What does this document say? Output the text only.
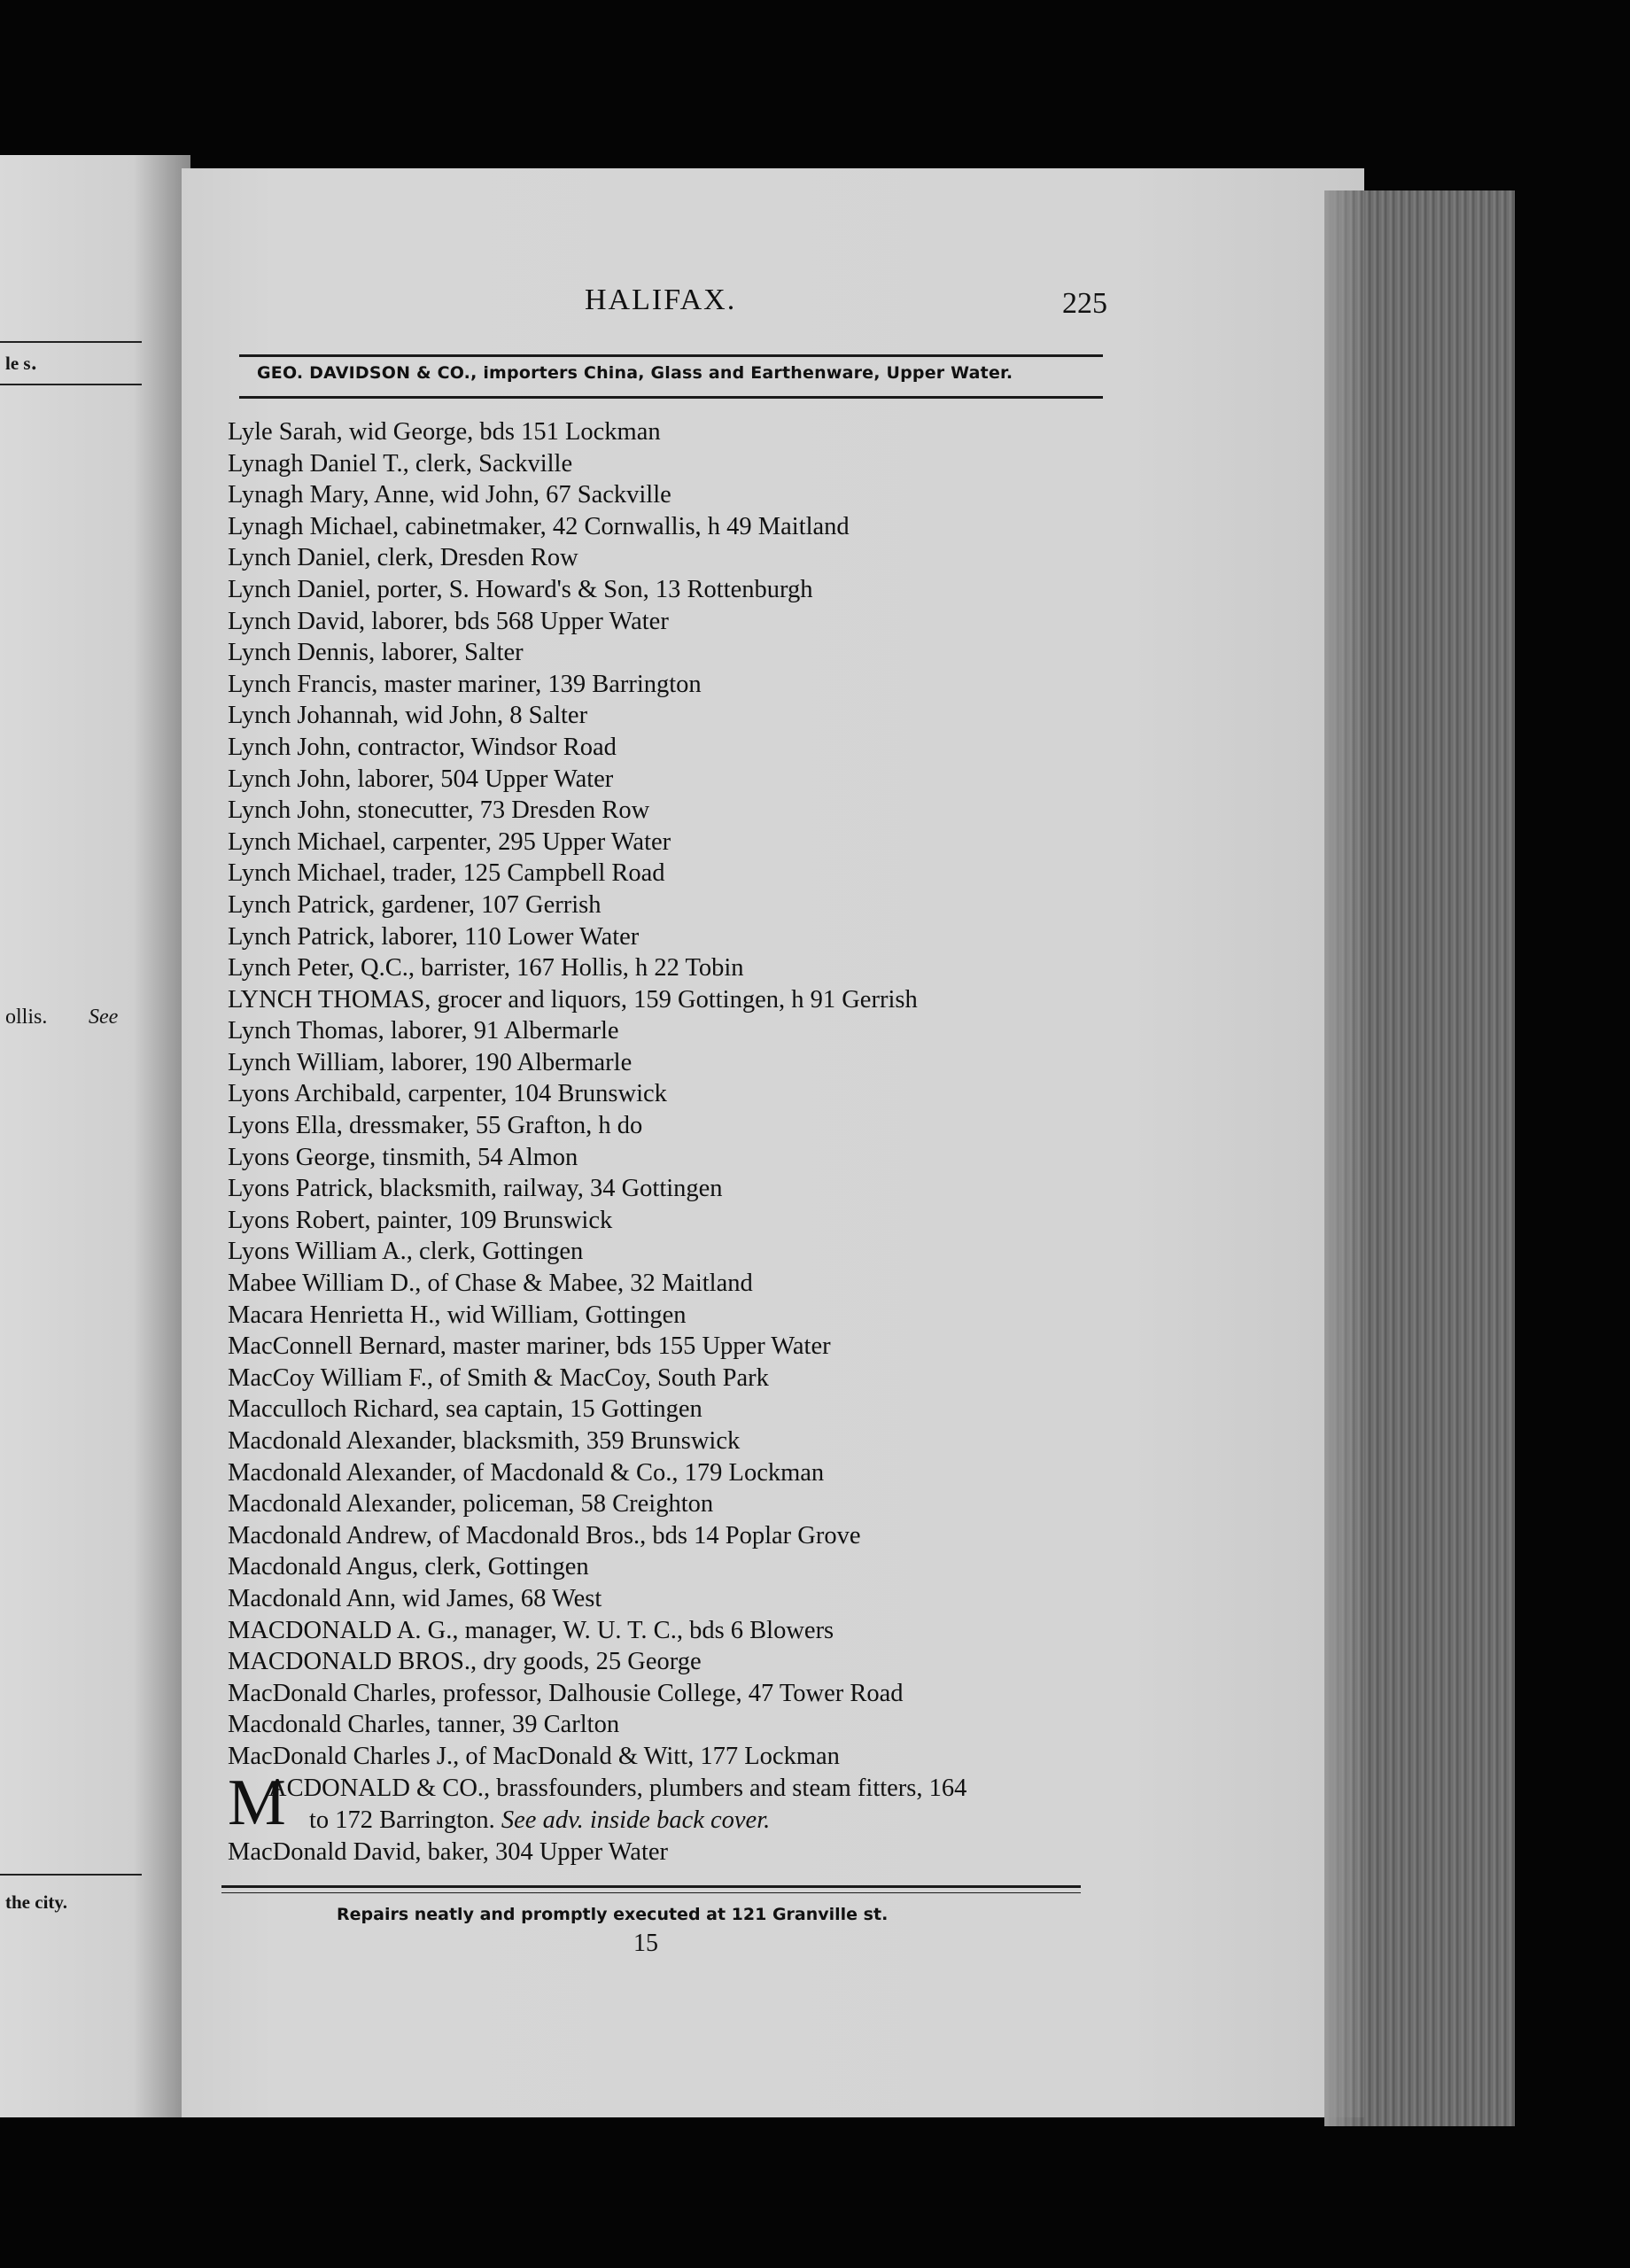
le s․
ollis. See
the city.
HALIFAX.	225
GEO. DAVIDSON & CO., importers China, Glass and Earthenware, Upper Water.
Lyle Sarah, wid George, bds 151 Lockman
Lynagh Daniel T., clerk, Sackville
Lynagh Mary, Anne, wid John, 67 Sackville
Lynagh Michael, cabinetmaker, 42 Cornwallis, h 49 Maitland
Lynch Daniel, clerk, Dresden Row
Lynch Daniel, porter, S. Howard's & Son, 13 Rottenburgh
Lynch David, laborer, bds 568 Upper Water
Lynch Dennis, laborer, Salter
Lynch Francis, master mariner, 139 Barrington
Lynch Johannah, wid John, 8 Salter
Lynch John, contractor, Windsor Road
Lynch John, laborer, 504 Upper Water
Lynch John, stonecutter, 73 Dresden Row
Lynch Michael, carpenter, 295 Upper Water
Lynch Michael, trader, 125 Campbell Road
Lynch Patrick, gardener, 107 Gerrish
Lynch Patrick, laborer, 110 Lower Water
Lynch Peter, Q.C., barrister, 167 Hollis, h 22 Tobin
LYNCH THOMAS, grocer and liquors, 159 Gottingen, h 91 Gerrish
Lynch Thomas, laborer, 91 Albermarle
Lynch William, laborer, 190 Albermarle
Lyons Archibald, carpenter, 104 Brunswick
Lyons Ella, dressmaker, 55 Grafton, h do
Lyons George, tinsmith, 54 Almon
Lyons Patrick, blacksmith, railway, 34 Gottingen
Lyons Robert, painter, 109 Brunswick
Lyons William A., clerk, Gottingen
Mabee William D., of Chase & Mabee, 32 Maitland
Macara Henrietta H., wid William, Gottingen
MacConnell Bernard, master mariner, bds 155 Upper Water
MacCoy William F., of Smith & MacCoy, South Park
Macculloch Richard, sea captain, 15 Gottingen
Macdonald Alexander, blacksmith, 359 Brunswick
Macdonald Alexander, of Macdonald & Co., 179 Lockman
Macdonald Alexander, policeman, 58 Creighton
Macdonald Andrew, of Macdonald Bros., bds 14 Poplar Grove
Macdonald Angus, clerk, Gottingen
Macdonald Ann, wid James, 68 West
MACDONALD A. G., manager, W. U. T. C., bds 6 Blowers
MACDONALD BROS., dry goods, 25 George
MacDonald Charles, professor, Dalhousie College, 47 Tower Road
Macdonald Charles, tanner, 39 Carlton
MacDonald Charles J., of MacDonald & Witt, 177 Lockman
M
ACDONALD & CO., brassfounders, plumbers and steam fitters, 164
to 172 Barrington. See adv. inside back cover.
MacDonald David, baker, 304 Upper Water
Repairs neatly and promptly executed at 121 Granville st.
15
